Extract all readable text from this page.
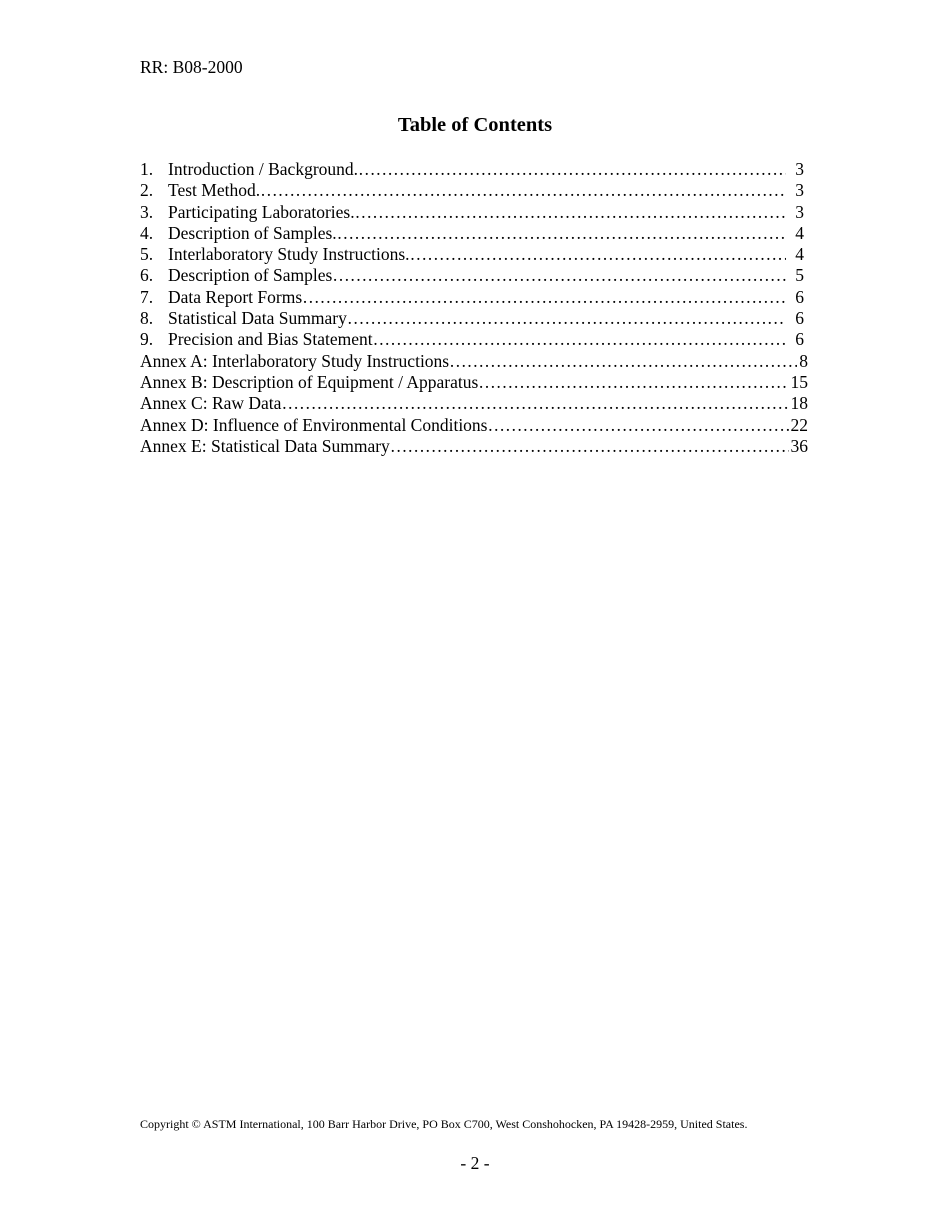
RR: B08-2000
Table of Contents
1. Introduction / Background. …………………………………………………………………………………………………………………………………………………………………………………………………………	3
2. Test Method. …………………………………………………………………………………………………………………………………………………………………………………………………………	3
3. Participating Laboratories. …………………………………………………………………………………………………………………………………………………………………………………………………………	3
4. Description of Samples. …………………………………………………………………………………………………………………………………………………………………………………………………………	4
5. Interlaboratory Study Instructions. …………………………………………………………………………………………………………………………………………………………………………………………………………	4
6. Description of Samples …………………………………………………………………………………………………………………………………………………………………………………………………………	5
7. Data Report Forms …………………………………………………………………………………………………………………………………………………………………………………………………………	6
8. Statistical Data Summary …………………………………………………………………………………………………………………………………………………………………………………………………………	6
9. Precision and Bias Statement …………………………………………………………………………………………………………………………………………………………………………………………………………	6
Annex A: Interlaboratory Study Instructions …………………………………………………………………………………………………………………………………………………………………………………………………………	8
Annex B: Description of Equipment / Apparatus …………………………………………………………………………………………………………………………………………………………………………………………………………	15
Annex C: Raw Data …………………………………………………………………………………………………………………………………………………………………………………………………………	18
Annex D: Influence of Environmental Conditions …………………………………………………………………………………………………………………………………………………………………………………………………………	22
Annex E: Statistical Data Summary …………………………………………………………………………………………………………………………………………………………………………………………………………	36
Copyright © ASTM International, 100 Barr Harbor Drive, PO Box C700, West Conshohocken, PA 19428-2959, United States.
- 2 -
